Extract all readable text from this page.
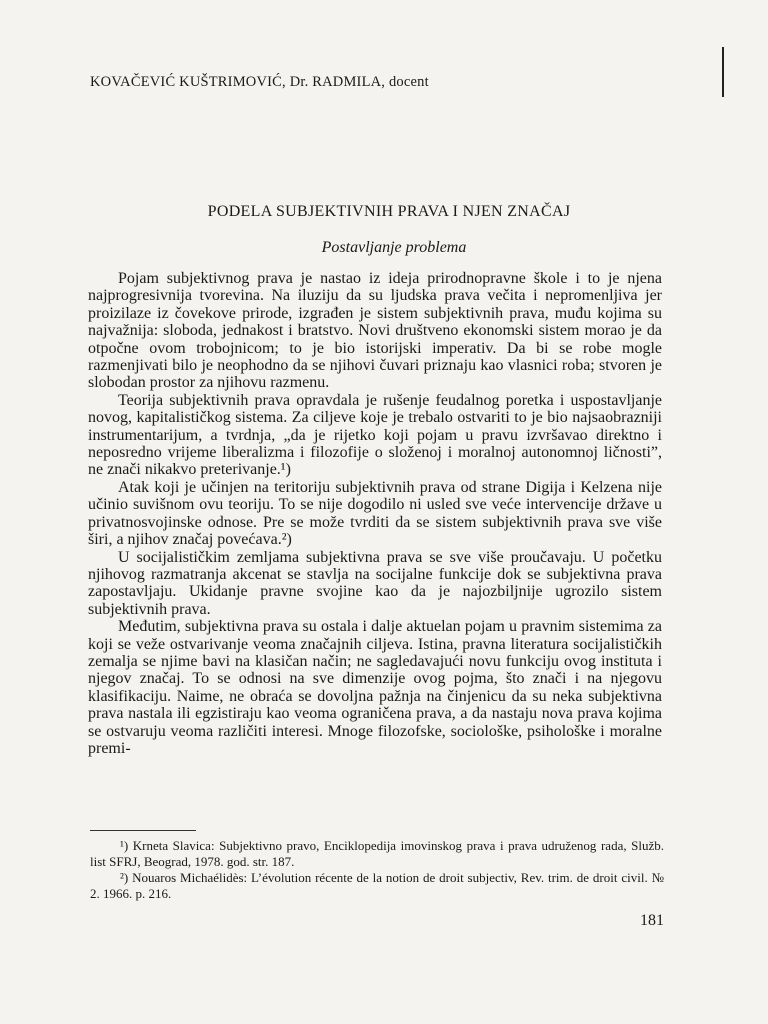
KOVAČEVIĆ KUŠTRIMOVIĆ, Dr. RADMILA, docent
PODELA SUBJEKTIVNIH PRAVA I NJEN ZNAČAJ
Postavljanje problema

Pojam subjektivnog prava je nastao iz ideja prirodnopravne škole i to je njena najprogresivnija tvorevina. Na iluziju da su ljudska prava večita i nepromenljiva jer proizilaze iz čovekove prirode, izgrađen je sistem subjektivnih prava, muđu kojima su najvažnija: sloboda, jednakost i bratstvo. Novi društveno ekonomski sistem morao je da otpočne ovom trobojnicom; to je bio istorijski imperativ. Da bi se robe mogle razmenjivati bilo je neophodno da se njihovi čuvari priznaju kao vlasnici roba; stvoren je slobodan prostor za njihovu razmenu.

Teorija subjektivnih prava opravdala je rušenje feudalnog poretka i uspostavljanje novog, kapitalističkog sistema. Za ciljeve koje je trebalo ostvariti to je bio najsaobrazniji instrumentarijum, a tvrdnja, „da je rijetko koji pojam u pravu izvršavao direktno i neposredno vrijeme liberalizma i filozofije o složenoj i moralnoj autonomnoj ličnosti”, ne znači nikakvo preterivanje.¹)

Atak koji je učinjen na teritoriju subjektivnih prava od strane Digija i Kelzena nije učinio suvišnom ovu teoriju. To se nije dogodilo ni usled sve veće intervencije države u privatnosvojinske odnose. Pre se može tvrditi da se sistem subjektivnih prava sve više širi, a njihov značaj povećava.²)

U socijalističkim zemljama subjektivna prava se sve više proučavaju. U početku njihovog razmatranja akcenat se stavlja na socijalne funkcije dok se subjektivna prava zapostavljaju. Ukidanje pravne svojine kao da je najozbiljnije ugrozilo sistem subjektivnih prava.

Međutim, subjektivna prava su ostala i dalje aktuelan pojam u pravnim sistemima za koji se veže ostvarivanje veoma značajnih ciljeva. Istina, pravna literatura socijalističkih zemalja se njime bavi na klasičan način; ne sagledavajući novu funkciju ovog instituta i njegov značaj. To se odnosi na sve dimenzije ovog pojma, što znači i na njegovu klasifikaciju. Naime, ne obraća se dovoljna pažnja na činjenicu da su neka subjektivna prava nastala ili egzistiraju kao veoma ograničena prava, a da nastaju nova prava kojima se ostvaruju veoma različiti interesi. Mnoge filozofske, sociološke, psihološke i moralne premi-

¹) Krneta Slavica: Subjektivno pravo, Enciklopedija imovinskog prava i prava udruženog rada, Služb. list SFRJ, Beograd, 1978. god. str. 187.

²) Nouaros Michaélidès: L’évolution récente de la notion de droit subjectiv, Rev. trim. de droit civil. № 2. 1966. p. 216.

181
